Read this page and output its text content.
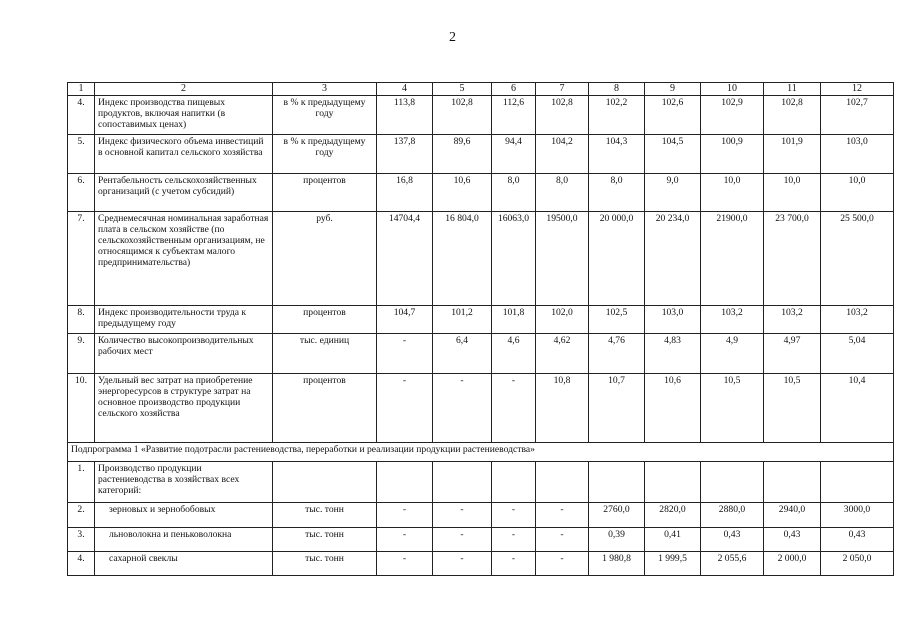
2
1	2	3	4	5	6	7	8	9	10	11	12
4.	Индекс производства пищевых продуктов, включая напитки (в сопоставимых ценах)	в % к предыдущему году	113,8	102,8	112,6	102,8	102,2	102,6	102,9	102,8	102,7
5.	Индекс физического объема инвестиций в основной капитал сельского хозяйства	в % к предыдущему году	137,8	89,6	94,4	104,2	104,3	104,5	100,9	101,9	103,0
6.	Рентабельность сельскохозяйственных организаций (с учетом субсидий)	процентов	16,8	10,6	8,0	8,0	8,0	9,0	10,0	10,0	10,0
7.	Среднемесячная номинальная заработная плата в сельском хозяйстве (по сельскохозяйственным организациям, не относящимся к субъектам малого предпринимательства)	руб.	14704,4	16 804,0	16063,0	19500,0	20 000,0	20 234,0	21900,0	23 700,0	25 500,0
8.	Индекс производительности труда к предыдущему году	процентов	104,7	101,2	101,8	102,0	102,5	103,0	103,2	103,2	103,2
9.	Количество высокопроизводительных рабочих мест	тыс. единиц	-	6,4	4,6	4,62	4,76	4,83	4,9	4,97	5,04
10.	Удельный вес затрат на приобретение энергоресурсов в структуре затрат на основное производство продукции сельского хозяйства	процентов	-	-	-	10,8	10,7	10,6	10,5	10,5	10,4
Подпрограмма 1 «Развитие подотрасли растениеводства, переработки и реализации продукции растениеводства»											
1.	Производство продукции растениеводства в хозяйствах всех категорий:										
2.	зерновых и зернобобовых	тыс. тонн	-	-	-	-	2760,0	2820,0	2880,0	2940,0	3000,0
3.	льноволокна и пеньковолокна	тыс. тонн	-	-	-	-	0,39	0,41	0,43	0,43	0,43
4.	сахарной свеклы	тыс. тонн	-	-	-	-	1 980,8	1 999,5	2 055,6	2 000,0	2 050,0
